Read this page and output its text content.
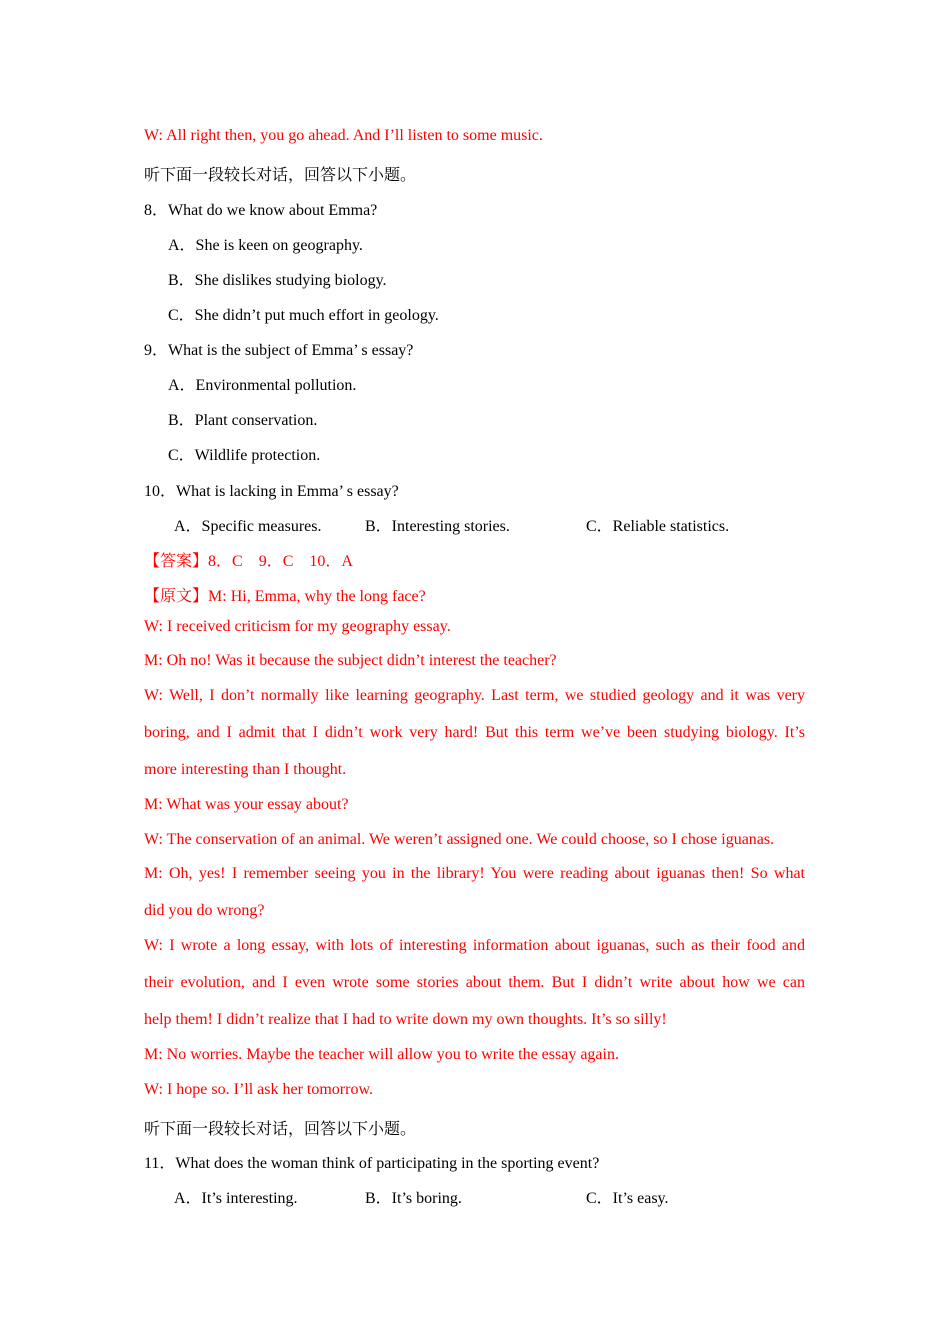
W: All right then, you go ahead. And I’ll listen to some music.
听下面一段较长对话，回答以下小题。
8．What do we know about Emma?
A．She is keen on geography.
B．She dislikes studying biology.
C．She didn’t put much effort in geology.
9．What is the subject of Emma’ s essay?
A．Environmental pollution.
B．Plant conservation.
C．Wildlife protection.
10．What is lacking in Emma’ s essay?
A．Specific measures.	B．Interesting stories.	C．Reliable statistics.
【答案】8．C    9．C    10．A
【原文】M: Hi, Emma, why the long face?
W: I received criticism for my geography essay.
M: Oh no! Was it because the subject didn’t interest the teacher?
W: Well, I don’t normally like learning geography. Last term, we studied geology and it was very
boring, and I admit that I didn’t work very hard! But this term we’ve been studying biology. It’s
more interesting than I thought.
M: What was your essay about?
W: The conservation of an animal. We weren’t assigned one. We could choose, so I chose iguanas.
M: Oh, yes! I remember seeing you in the library! You were reading about iguanas then! So what
did you do wrong?
W: I wrote a long essay, with lots of interesting information about iguanas, such as their food and
their evolution, and I even wrote some stories about them. But I didn’t write about how we can
help them! I didn’t realize that I had to write down my own thoughts. It’s so silly!
M: No worries. Maybe the teacher will allow you to write the essay again.
W: I hope so. I’ll ask her tomorrow.
听下面一段较长对话，回答以下小题。
11．What does the woman think of participating in the sporting event?
A．It’s interesting.	B．It’s boring.	C．It’s easy.
